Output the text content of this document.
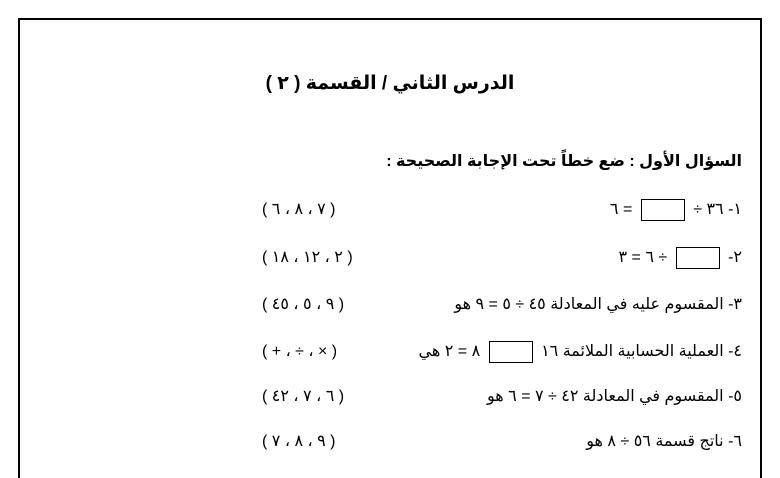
الدرس الثاني / القسمة ( ٢ )
السؤال الأول : ضع خطاً تحت الإجابة الصحيحة :
١- ٣٦ ÷  = ٦
( ٧ ، ٨ ، ٦ )
٢-  ÷ ٦ = ٣
( ٢ ، ١٢ ، ١٨ )
٣- المقسوم عليه في المعادلة ٤٥ ÷ ٥ = ٩ هو
( ٩ ، ٥ ، ٤٥ )
٤- العملية الحسابية الملائمة ١٦  ٨ = ٢ هي
( × ، ÷ ، + )
٥- المقسوم في المعادلة ٤٢ ÷ ٧ = ٦ هو
( ٦ ، ٧ ، ٤٢ )
٦- ناتج قسمة ٥٦ ÷ ٨ هو
( ٩ ، ٨ ، ٧ )
